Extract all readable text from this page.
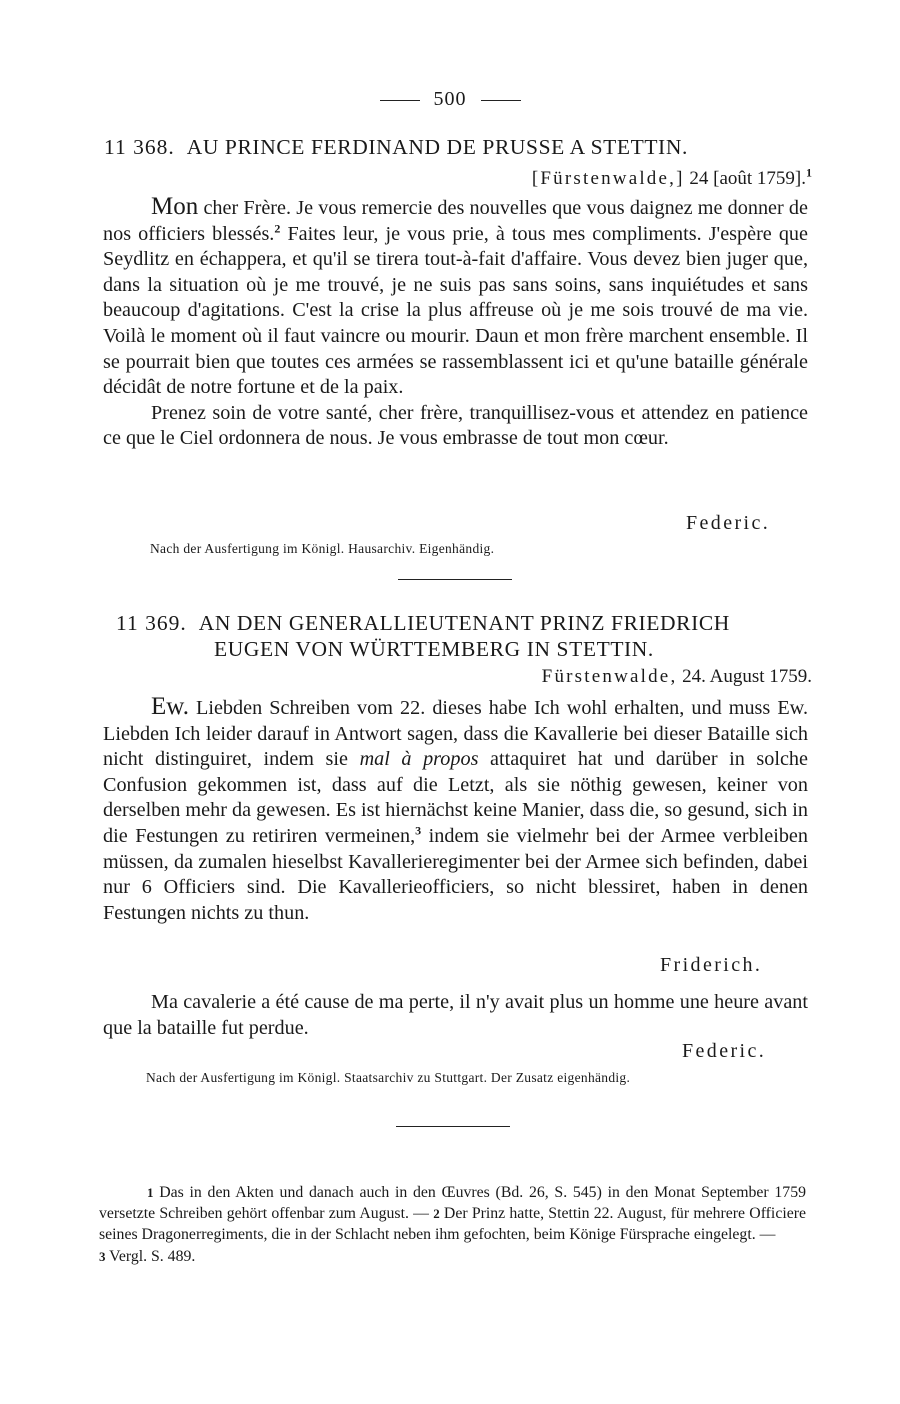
500
11 368. AU PRINCE FERDINAND DE PRUSSE A STETTIN.
[Fürstenwalde,] 24 [août 1759].$^1$

Mon cher Frère. Je vous remercie des nouvelles que vous daignez me donner de nos officiers blessés.$^2$ Faites leur, je vous prie, à tous mes compliments. J'espère que Seydlitz en échappera, et qu'il se tirera tout-à-fait d'affaire. Vous devez bien juger que, dans la situation où je me trouvé, je ne suis pas sans soins, sans inquiétudes et sans beaucoup d'agitations. C'est la crise la plus affreuse où je me sois trouvé de ma vie. Voilà le moment où il faut vaincre ou mourir. Daun et mon frère marchent ensemble. Il se pourrait bien que toutes ces armées se rassemblassent ici et qu'une bataille générale décidât de notre fortune et de la paix.

Prenez soin de votre santé, cher frère, tranquillisez-vous et attendez en patience ce que le Ciel ordonnera de nous. Je vous embrasse de tout mon cœur.

Federic.
Nach der Ausfertigung im Königl. Hausarchiv. Eigenhändig.
11 369. AN DEN GENERALLIEUTENANT PRINZ FRIEDRICH
EUGEN VON WÜRTTEMBERG IN STETTIN.
Fürstenwalde, 24. August 1759.

Ew. Liebden Schreiben vom 22. dieses habe Ich wohl erhalten, und muss Ew. Liebden Ich leider darauf in Antwort sagen, dass die Kavallerie bei dieser Bataille sich nicht distinguiret, indem sie mal à propos attaquiret hat und darüber in solche Confusion gekommen ist, dass auf die Letzt, als sie nöthig gewesen, keiner von derselben mehr da gewesen. Es ist hiernächst keine Manier, dass die, so gesund, sich in die Festungen zu retiriren vermeinen,$^3$ indem sie vielmehr bei der Armee verbleiben müssen, da zumalen hieselbst Kavallerieregimenter bei der Armee sich befinden, dabei nur 6 Officiers sind. Die Kavallerieofficiers, so nicht blessiret, haben in denen Festungen nichts zu thun.

Friderich.

Ma cavalerie a été cause de ma perte, il n'y avait plus un homme une heure avant que la bataille fut perdue.

Federic.
Nach der Ausfertigung im Königl. Staatsarchiv zu Stuttgart. Der Zusatz eigenhändig.

1 Das in den Akten und danach auch in den Œuvres (Bd. 26, S. 545) in den Monat September 1759 versetzte Schreiben gehört offenbar zum August. — 2 Der Prinz hatte, Stettin 22. August, für mehrere Officiere seines Dragonerregiments, die in der Schlacht neben ihm gefochten, beim Könige Fürsprache eingelegt. —
3 Vergl. S. 489.
